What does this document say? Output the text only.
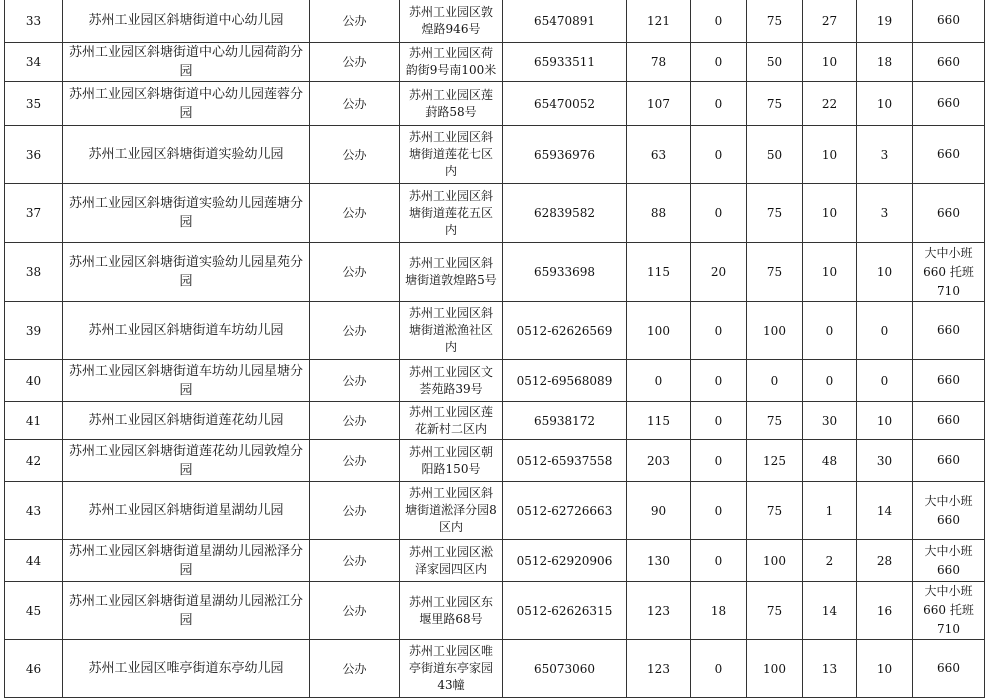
33	苏州工业园区斜塘街道中心幼儿园	公办	苏州工业园区敦煌路946号	65470891	121	0	75	27	19	660
34	苏州工业园区斜塘街道中心幼儿园荷韵分园	公办	苏州工业园区荷韵街9号南100米	65933511	78	0	50	10	18	660
35	苏州工业园区斜塘街道中心幼儿园莲蓉分园	公办	苏州工业园区莲葑路58号	65470052	107	0	75	22	10	660
36	苏州工业园区斜塘街道实验幼儿园	公办	苏州工业园区斜塘街道莲花七区内	65936976	63	0	50	10	3	660
37	苏州工业园区斜塘街道实验幼儿园莲塘分园	公办	苏州工业园区斜塘街道莲花五区内	62839582	88	0	75	10	3	660
38	苏州工业园区斜塘街道实验幼儿园星苑分园	公办	苏州工业园区斜塘街道敦煌路5号	65933698	115	20	75	10	10	大中小班660 托班710
39	苏州工业园区斜塘街道车坊幼儿园	公办	苏州工业园区斜塘街道淞渔社区内	0512-62626569	100	0	100	0	0	660
40	苏州工业园区斜塘街道车坊幼儿园星塘分园	公办	苏州工业园区文荟苑路39号	0512-69568089	0	0	0	0	0	660
41	苏州工业园区斜塘街道莲花幼儿园	公办	苏州工业园区莲花新村二区内	65938172	115	0	75	30	10	660
42	苏州工业园区斜塘街道莲花幼儿园敦煌分园	公办	苏州工业园区朝阳路150号	0512-65937558	203	0	125	48	30	660
43	苏州工业园区斜塘街道星湖幼儿园	公办	苏州工业园区斜塘街道淞泽分园8区内	0512-62726663	90	0	75	1	14	大中小班660
44	苏州工业园区斜塘街道星湖幼儿园淞泽分园	公办	苏州工业园区淞泽家园四区内	0512-62920906	130	0	100	2	28	大中小班660
45	苏州工业园区斜塘街道星湖幼儿园淞江分园	公办	苏州工业园区东堰里路68号	0512-62626315	123	18	75	14	16	大中小班660 托班710
46	苏州工业园区唯亭街道东亭幼儿园	公办	苏州工业园区唯亭街道东亭家园43幢	65073060	123	0	100	13	10	660
